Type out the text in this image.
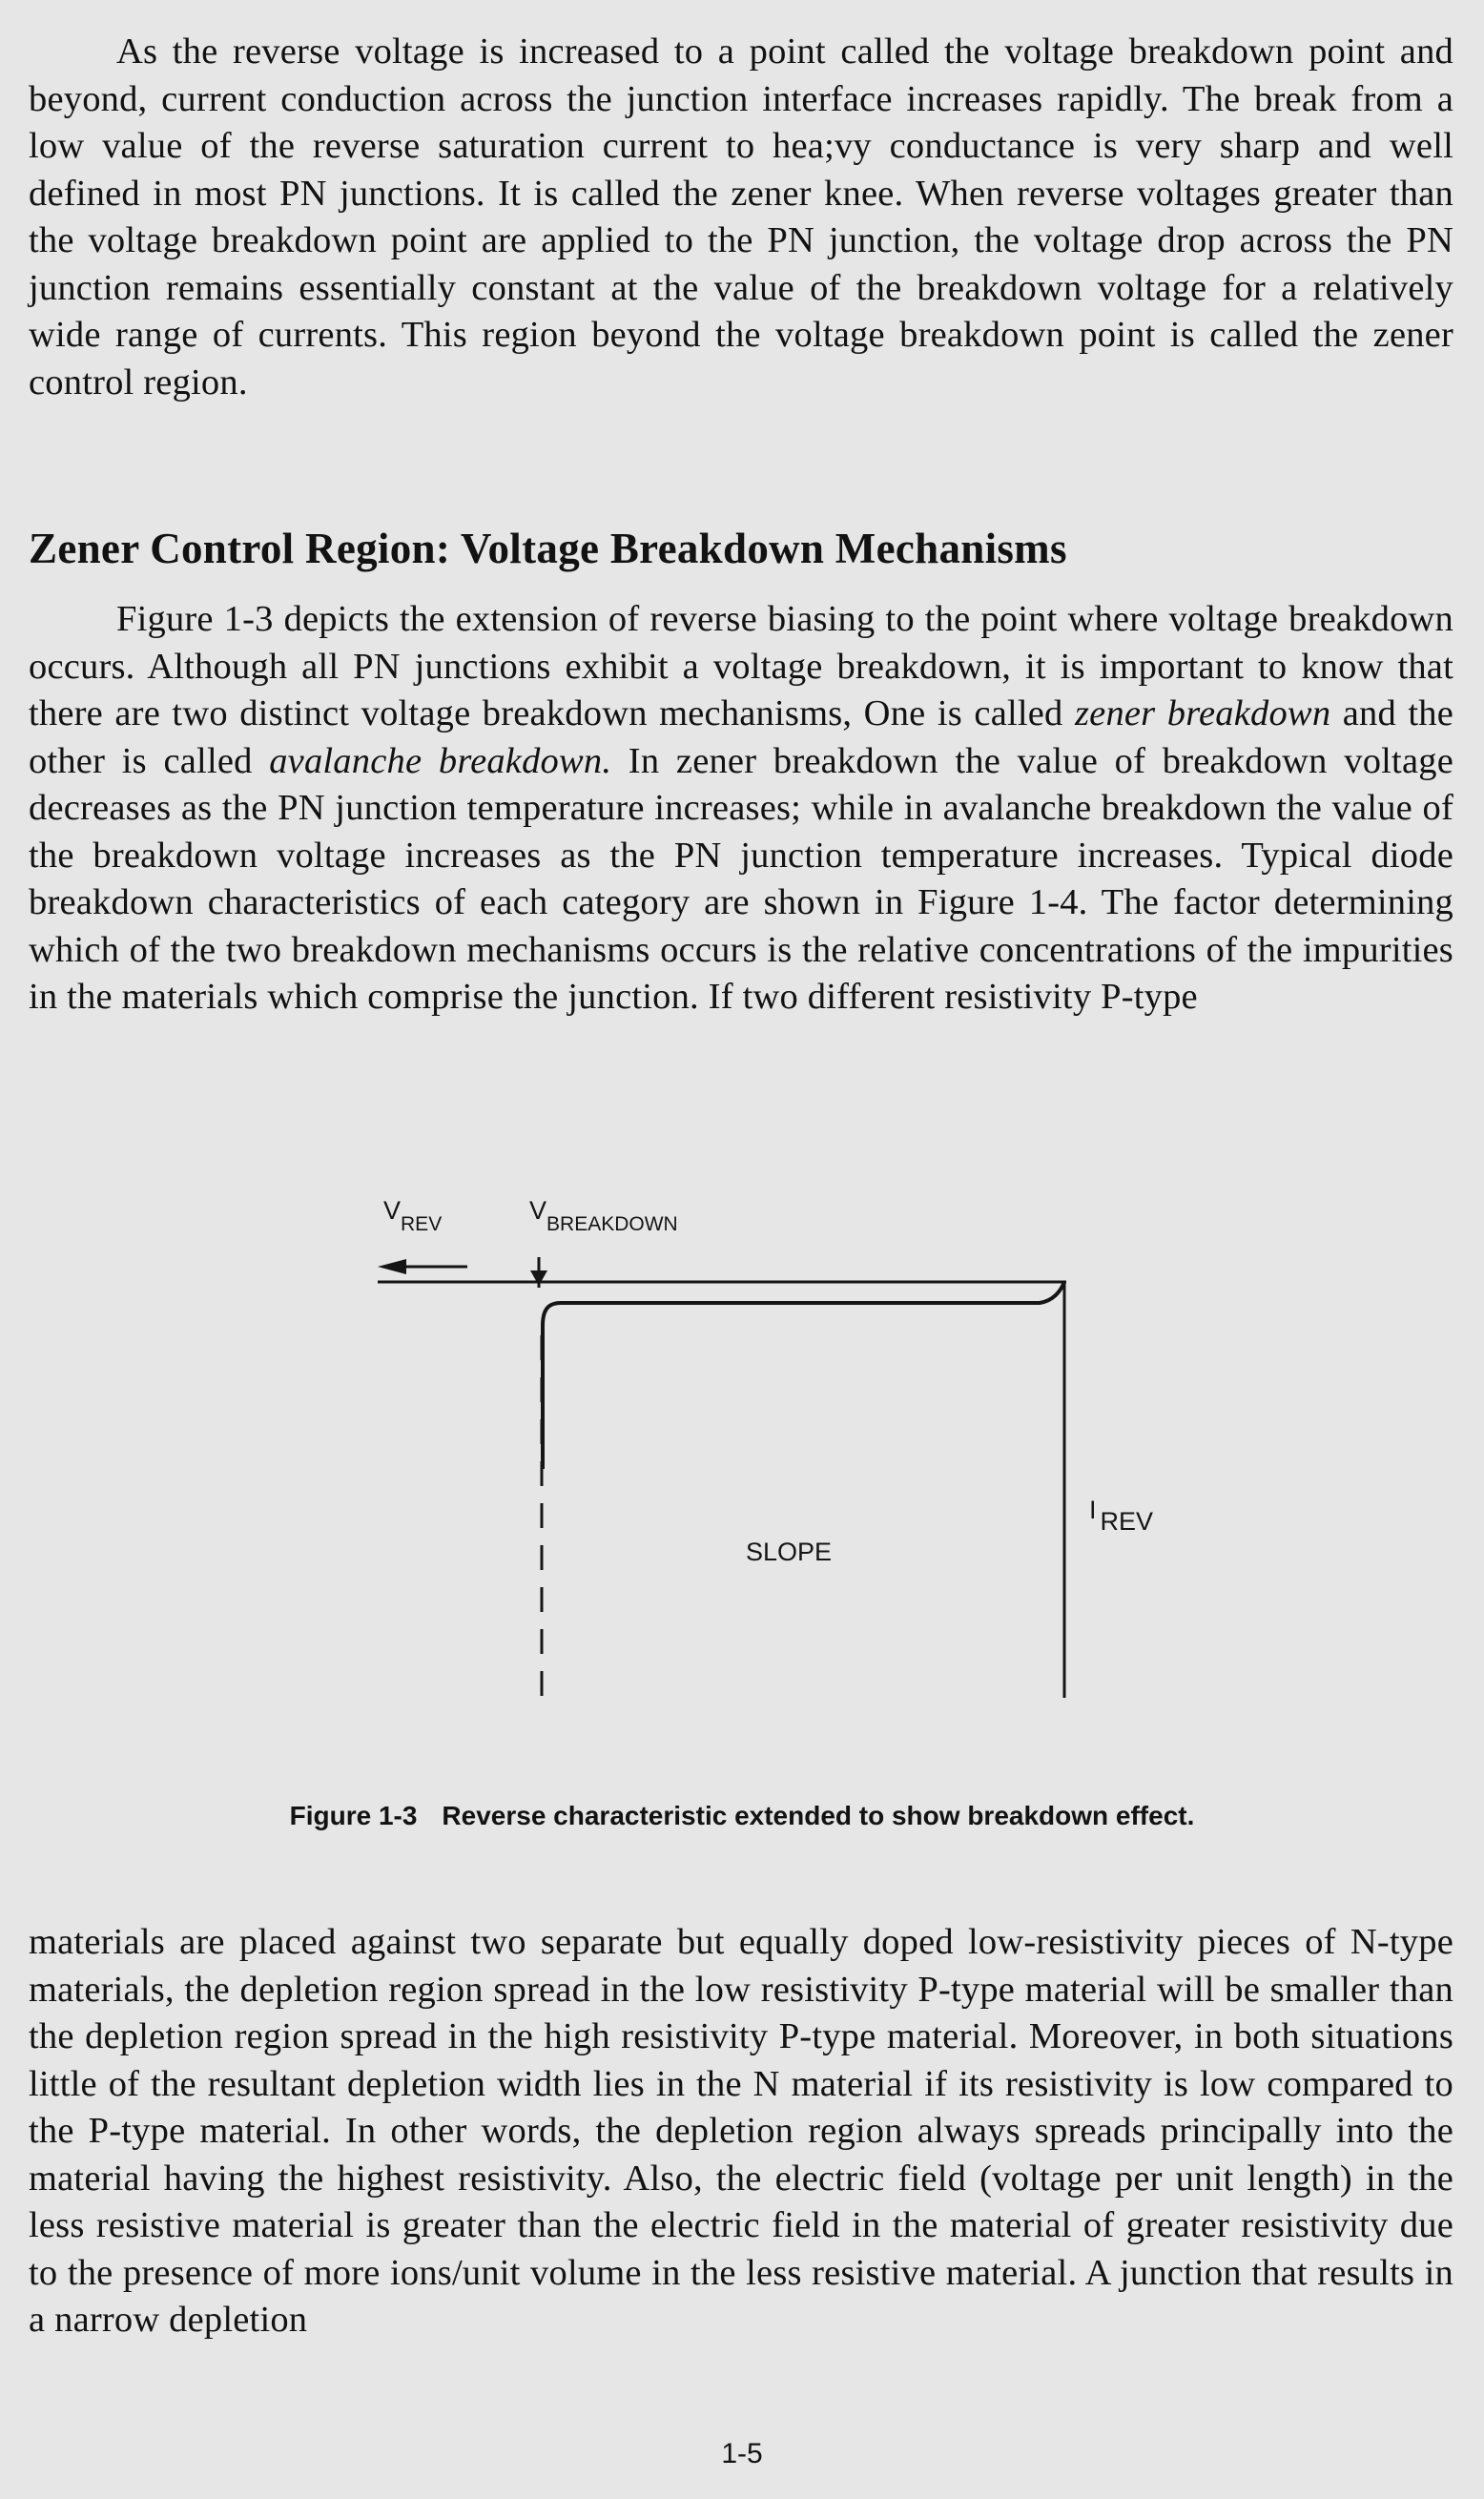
As the reverse voltage is increased to a point called the voltage breakdown point and beyond, current conduction across the junction interface increases rapidly. The break from a low value of the reverse saturation current to hea;vy conductance is very sharp and well defined in most PN junctions. It is called the zener knee. When reverse voltages greater than the voltage breakdown point are applied to the PN junction, the voltage drop across the PN junction remains essentially constant at the value of the breakdown voltage for a relatively wide range of currents. This region beyond the voltage breakdown point is called the zener control region.

Zener Control Region: Voltage Breakdown Mechanisms

Figure 1-3 depicts the extension of reverse biasing to the point where voltage breakdown occurs. Although all PN junctions exhibit a voltage breakdown, it is important to know that there are two distinct voltage breakdown mechanisms, One is called zener breakdown and the other is called avalanche breakdown. In zener breakdown the value of breakdown voltage decreases as the PN junction temperature increases; while in avalanche breakdown the value of the breakdown voltage increases as the PN junction temperature increases. Typical diode breakdown characteristics of each category are shown in Figure 1-4. The factor determining which of the two breakdown mechanisms occurs is the relative concentrations of the impurities in the materials which comprise the junction. If two different resistivity P-type

$V_{REV}$	$V_{BREAKDOWN}$
I REV
SLOPE

Figure 1-3 Reverse characteristic extended to show breakdown effect.

materials are placed against two separate but equally doped low-resistivity pieces of N-type materials, the depletion region spread in the low resistivity P-type material will be smaller than the depletion region spread in the high resistivity P-type material. Moreover, in both situations little of the resultant depletion width lies in the N material if its resistivity is low compared to the P-type material. In other words, the depletion region always spreads principally into the material having the highest resistivity. Also, the electric field (voltage per unit length) in the less resistive material is greater than the electric field in the material of greater resistivity due to the presence of more ions/unit volume in the less resistive material. A junction that results in a narrow depletion

1-5
